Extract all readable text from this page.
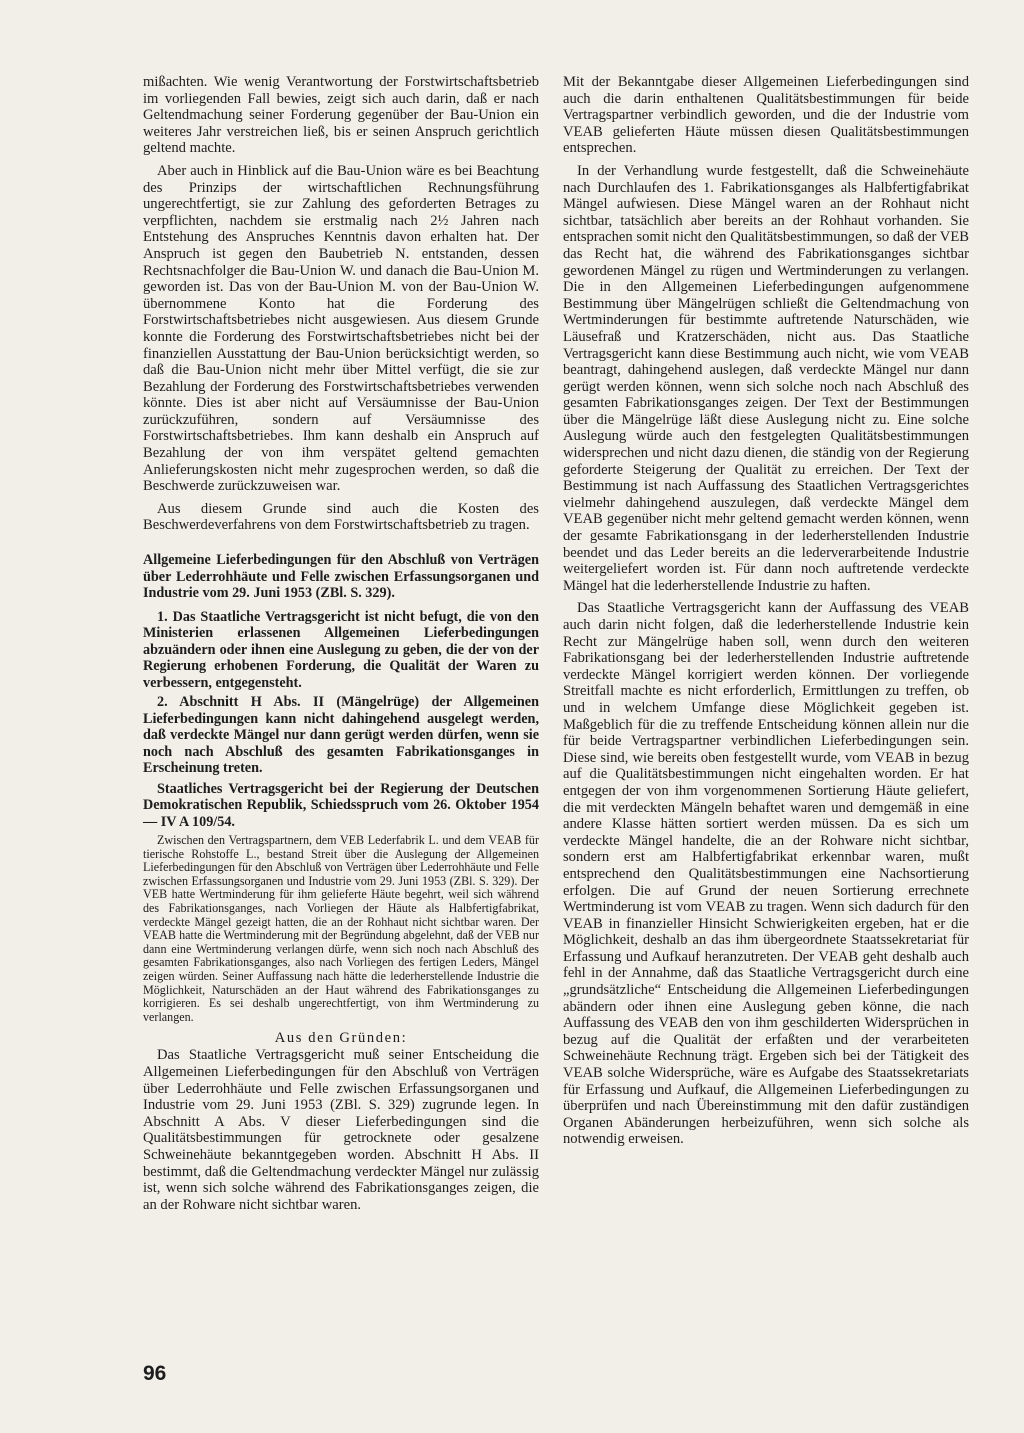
mißachten. Wie wenig Verantwortung der Forstwirtschaftsbetrieb im vorliegenden Fall bewies, zeigt sich auch darin, daß er nach Geltendmachung seiner Forderung gegenüber der Bau-Union ein weiteres Jahr verstreichen ließ, bis er seinen Anspruch gerichtlich geltend machte.

Aber auch in Hinblick auf die Bau-Union wäre es bei Beachtung des Prinzips der wirtschaftlichen Rechnungsführung ungerechtfertigt, sie zur Zahlung des geforderten Betrages zu verpflichten, nachdem sie erstmalig nach 2½ Jahren nach Entstehung des Anspruches Kenntnis davon erhalten hat. Der Anspruch ist gegen den Baubetrieb N. entstanden, dessen Rechtsnachfolger die Bau-Union W. und danach die Bau-Union M. geworden ist. Das von der Bau-Union M. von der Bau-Union W. übernommene Konto hat die Forderung des Forstwirtschaftsbetriebes nicht ausgewiesen. Aus diesem Grunde konnte die Forderung des Forstwirtschaftsbetriebes nicht bei der finanziellen Ausstattung der Bau-Union berücksichtigt werden, so daß die Bau-Union nicht mehr über Mittel verfügt, die sie zur Bezahlung der Forderung des Forstwirtschaftsbetriebes verwenden könnte. Dies ist aber nicht auf Versäumnisse der Bau-Union zurückzuführen, sondern auf Versäumnisse des Forstwirtschaftsbetriebes. Ihm kann deshalb ein Anspruch auf Bezahlung der von ihm verspätet geltend gemachten Anlieferungskosten nicht mehr zugesprochen werden, so daß die Beschwerde zurückzuweisen war.

Aus diesem Grunde sind auch die Kosten des Beschwerdeverfahrens von dem Forstwirtschaftsbetrieb zu tragen.

Allgemeine Lieferbedingungen für den Abschluß von Verträgen über Lederrohhäute und Felle zwischen Erfassungsorganen und Industrie vom 29. Juni 1953 (ZBl. S. 329).

1. Das Staatliche Vertragsgericht ist nicht befugt, die von den Ministerien erlassenen Allgemeinen Lieferbedingungen abzuändern oder ihnen eine Auslegung zu geben, die der von der Regierung erhobenen Forderung, die Qualität der Waren zu verbessern, entgegensteht.

2. Abschnitt H Abs. II (Mängelrüge) der Allgemeinen Lieferbedingungen kann nicht dahingehend ausgelegt werden, daß verdeckte Mängel nur dann gerügt werden dürfen, wenn sie noch nach Abschluß des gesamten Fabrikationsganges in Erscheinung treten.

Staatliches Vertragsgericht bei der Regierung der Deutschen Demokratischen Republik, Schiedsspruch vom 26. Oktober 1954 — IV A 109/54.

Zwischen den Vertragspartnern, dem VEB Lederfabrik L. und dem VEAB für tierische Rohstoffe L., bestand Streit über die Auslegung der Allgemeinen Lieferbedingungen für den Abschluß von Verträgen über Lederrohhäute und Felle zwischen Erfassungsorganen und Industrie vom 29. Juni 1953 (ZBl. S. 329). Der VEB hatte Wertminderung für ihm gelieferte Häute begehrt, weil sich während des Fabrikationsganges, nach Vorliegen der Häute als Halbfertigfabrikat, verdeckte Mängel gezeigt hatten, die an der Rohhaut nicht sichtbar waren. Der VEAB hatte die Wertminderung mit der Begründung abgelehnt, daß der VEB nur dann eine Wertminderung verlangen dürfe, wenn sich noch nach Abschluß des gesamten Fabrikationsganges, also nach Vorliegen des fertigen Leders, Mängel zeigen würden. Seiner Auffassung nach hätte die lederherstellende Industrie die Möglichkeit, Naturschäden an der Haut während des Fabrikationsganges zu korrigieren. Es sei deshalb ungerechtfertigt, von ihm Wertminderung zu verlangen.

Aus den Gründen:

Das Staatliche Vertragsgericht muß seiner Entscheidung die Allgemeinen Lieferbedingungen für den Abschluß von Verträgen über Lederrohhäute und Felle zwischen Erfassungsorganen und Industrie vom 29. Juni 1953 (ZBl. S. 329) zugrunde legen. In Abschnitt A Abs. V dieser Lieferbedingungen sind die Qualitätsbestimmungen für getrocknete oder gesalzene Schweinehäute bekanntgegeben worden. Abschnitt H Abs. II bestimmt, daß die Geltendmachung verdeckter Mängel nur zulässig ist, wenn sich solche während des Fabrikationsganges zeigen, die an der Rohware nicht sichtbar waren.

Mit der Bekanntgabe dieser Allgemeinen Lieferbedingungen sind auch die darin enthaltenen Qualitätsbestimmungen für beide Vertragspartner verbindlich geworden, und die der Industrie vom VEAB gelieferten Häute müssen diesen Qualitätsbestimmungen entsprechen.

In der Verhandlung wurde festgestellt, daß die Schweinehäute nach Durchlaufen des 1. Fabrikationsganges als Halbfertigfabrikat Mängel aufwiesen. Diese Mängel waren an der Rohhaut nicht sichtbar, tatsächlich aber bereits an der Rohhaut vorhanden. Sie entsprachen somit nicht den Qualitätsbestimmungen, so daß der VEB das Recht hat, die während des Fabrikationsganges sichtbar gewordenen Mängel zu rügen und Wertminderungen zu verlangen. Die in den Allgemeinen Lieferbedingungen aufgenommene Bestimmung über Mängelrügen schließt die Geltendmachung von Wertminderungen für bestimmte auftretende Naturschäden, wie Läusefraß und Kratzerschäden, nicht aus. Das Staatliche Vertragsgericht kann diese Bestimmung auch nicht, wie vom VEAB beantragt, dahingehend auslegen, daß verdeckte Mängel nur dann gerügt werden können, wenn sich solche noch nach Abschluß des gesamten Fabrikationsganges zeigen. Der Text der Bestimmungen über die Mängelrüge läßt diese Auslegung nicht zu. Eine solche Auslegung würde auch den festgelegten Qualitätsbestimmungen widersprechen und nicht dazu dienen, die ständig von der Regierung geforderte Steigerung der Qualität zu erreichen. Der Text der Bestimmung ist nach Auffassung des Staatlichen Vertragsgerichtes vielmehr dahingehend auszulegen, daß verdeckte Mängel dem VEAB gegenüber nicht mehr geltend gemacht werden können, wenn der gesamte Fabrikationsgang in der lederherstellenden Industrie beendet und das Leder bereits an die lederverarbeitende Industrie weitergeliefert worden ist. Für dann noch auftretende verdeckte Mängel hat die lederherstellende Industrie zu haften.

Das Staatliche Vertragsgericht kann der Auffassung des VEAB auch darin nicht folgen, daß die lederherstellende Industrie kein Recht zur Mängelrüge haben soll, wenn durch den weiteren Fabrikationsgang bei der lederherstellenden Industrie auftretende verdeckte Mängel korrigiert werden können. Der vorliegende Streitfall machte es nicht erforderlich, Ermittlungen zu treffen, ob und in welchem Umfange diese Möglichkeit gegeben ist. Maßgeblich für die zu treffende Entscheidung können allein nur die für beide Vertragspartner verbindlichen Lieferbedingungen sein. Diese sind, wie bereits oben festgestellt wurde, vom VEAB in bezug auf die Qualitätsbestimmungen nicht eingehalten worden. Er hat entgegen der von ihm vorgenommenen Sortierung Häute geliefert, die mit verdeckten Mängeln behaftet waren und demgemäß in eine andere Klasse hätten sortiert werden müssen. Da es sich um verdeckte Mängel handelte, die an der Rohware nicht sichtbar, sondern erst am Halbfertigfabrikat erkennbar waren, mußt entsprechend den Qualitätsbestimmungen eine Nachsortierung erfolgen. Die auf Grund der neuen Sortierung errechnete Wertminderung ist vom VEAB zu tragen. Wenn sich dadurch für den VEAB in finanzieller Hinsicht Schwierigkeiten ergeben, hat er die Möglichkeit, deshalb an das ihm übergeordnete Staatssekretariat für Erfassung und Aufkauf heranzutreten. Der VEAB geht deshalb auch fehl in der Annahme, daß das Staatliche Vertragsgericht durch eine „grundsätzliche“ Entscheidung die Allgemeinen Lieferbedingungen abändern oder ihnen eine Auslegung geben könne, die nach Auffassung des VEAB den von ihm geschilderten Widersprüchen in bezug auf die Qualität der erfaßten und der verarbeiteten Schweinehäute Rechnung trägt. Ergeben sich bei der Tätigkeit des VEAB solche Widersprüche, wäre es Aufgabe des Staatssekretariats für Erfassung und Aufkauf, die Allgemeinen Lieferbedingungen zu überprüfen und nach Übereinstimmung mit den dafür zuständigen Organen Abänderungen herbeizuführen, wenn sich solche als notwendig erweisen.

96
